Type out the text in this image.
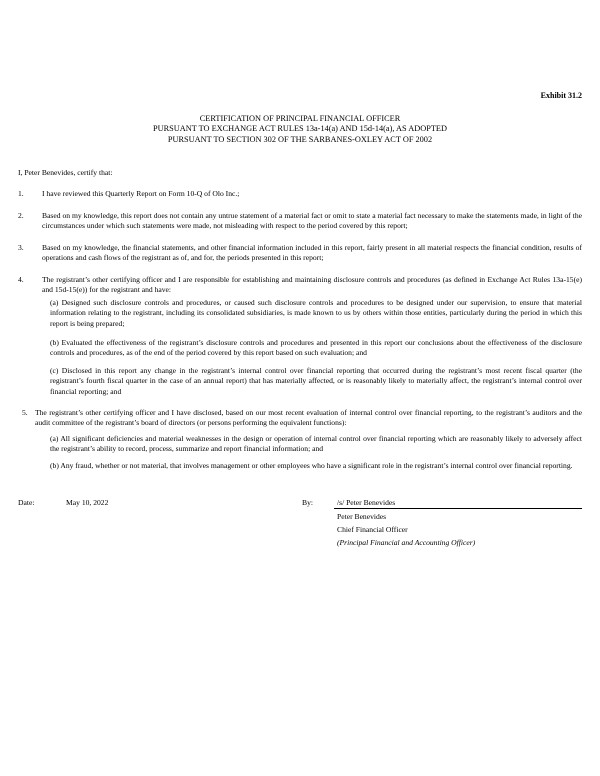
Exhibit 31.2
CERTIFICATION OF PRINCIPAL FINANCIAL OFFICER
PURSUANT TO EXCHANGE ACT RULES 13a-14(a) AND 15d-14(a), AS ADOPTED
PURSUANT TO SECTION 302 OF THE SARBANES-OXLEY ACT OF 2002
I, Peter Benevides, certify that:
1. I have reviewed this Quarterly Report on Form 10-Q of Olo Inc.;
2. Based on my knowledge, this report does not contain any untrue statement of a material fact or omit to state a material fact necessary to make the statements made, in light of the circumstances under which such statements were made, not misleading with respect to the period covered by this report;
3. Based on my knowledge, the financial statements, and other financial information included in this report, fairly present in all material respects the financial condition, results of operations and cash flows of the registrant as of, and for, the periods presented in this report;
4. The registrant’s other certifying officer and I are responsible for establishing and maintaining disclosure controls and procedures (as defined in Exchange Act Rules 13a-15(e) and 15d-15(e)) for the registrant and have:
(a) Designed such disclosure controls and procedures, or caused such disclosure controls and procedures to be designed under our supervision, to ensure that material information relating to the registrant, including its consolidated subsidiaries, is made known to us by others within those entities, particularly during the period in which this report is being prepared;
(b) Evaluated the effectiveness of the registrant’s disclosure controls and procedures and presented in this report our conclusions about the effectiveness of the disclosure controls and procedures, as of the end of the period covered by this report based on such evaluation; and
(c) Disclosed in this report any change in the registrant’s internal control over financial reporting that occurred during the registrant’s most recent fiscal quarter (the registrant’s fourth fiscal quarter in the case of an annual report) that has materially affected, or is reasonably likely to materially affect, the registrant’s internal control over financial reporting; and
5. The registrant’s other certifying officer and I have disclosed, based on our most recent evaluation of internal control over financial reporting, to the registrant’s auditors and the audit committee of the registrant’s board of directors (or persons performing the equivalent functions):
(a) All significant deficiencies and material weaknesses in the design or operation of internal control over financial reporting which are reasonably likely to adversely affect the registrant’s ability to record, process, summarize and report financial information; and
(b) Any fraud, whether or not material, that involves management or other employees who have a significant role in the registrant’s internal control over financial reporting.
Date:	May 10, 2022	By:	/s/ Peter Benevides
Peter Benevides
Chief Financial Officer
(Principal Financial and Accounting Officer)
